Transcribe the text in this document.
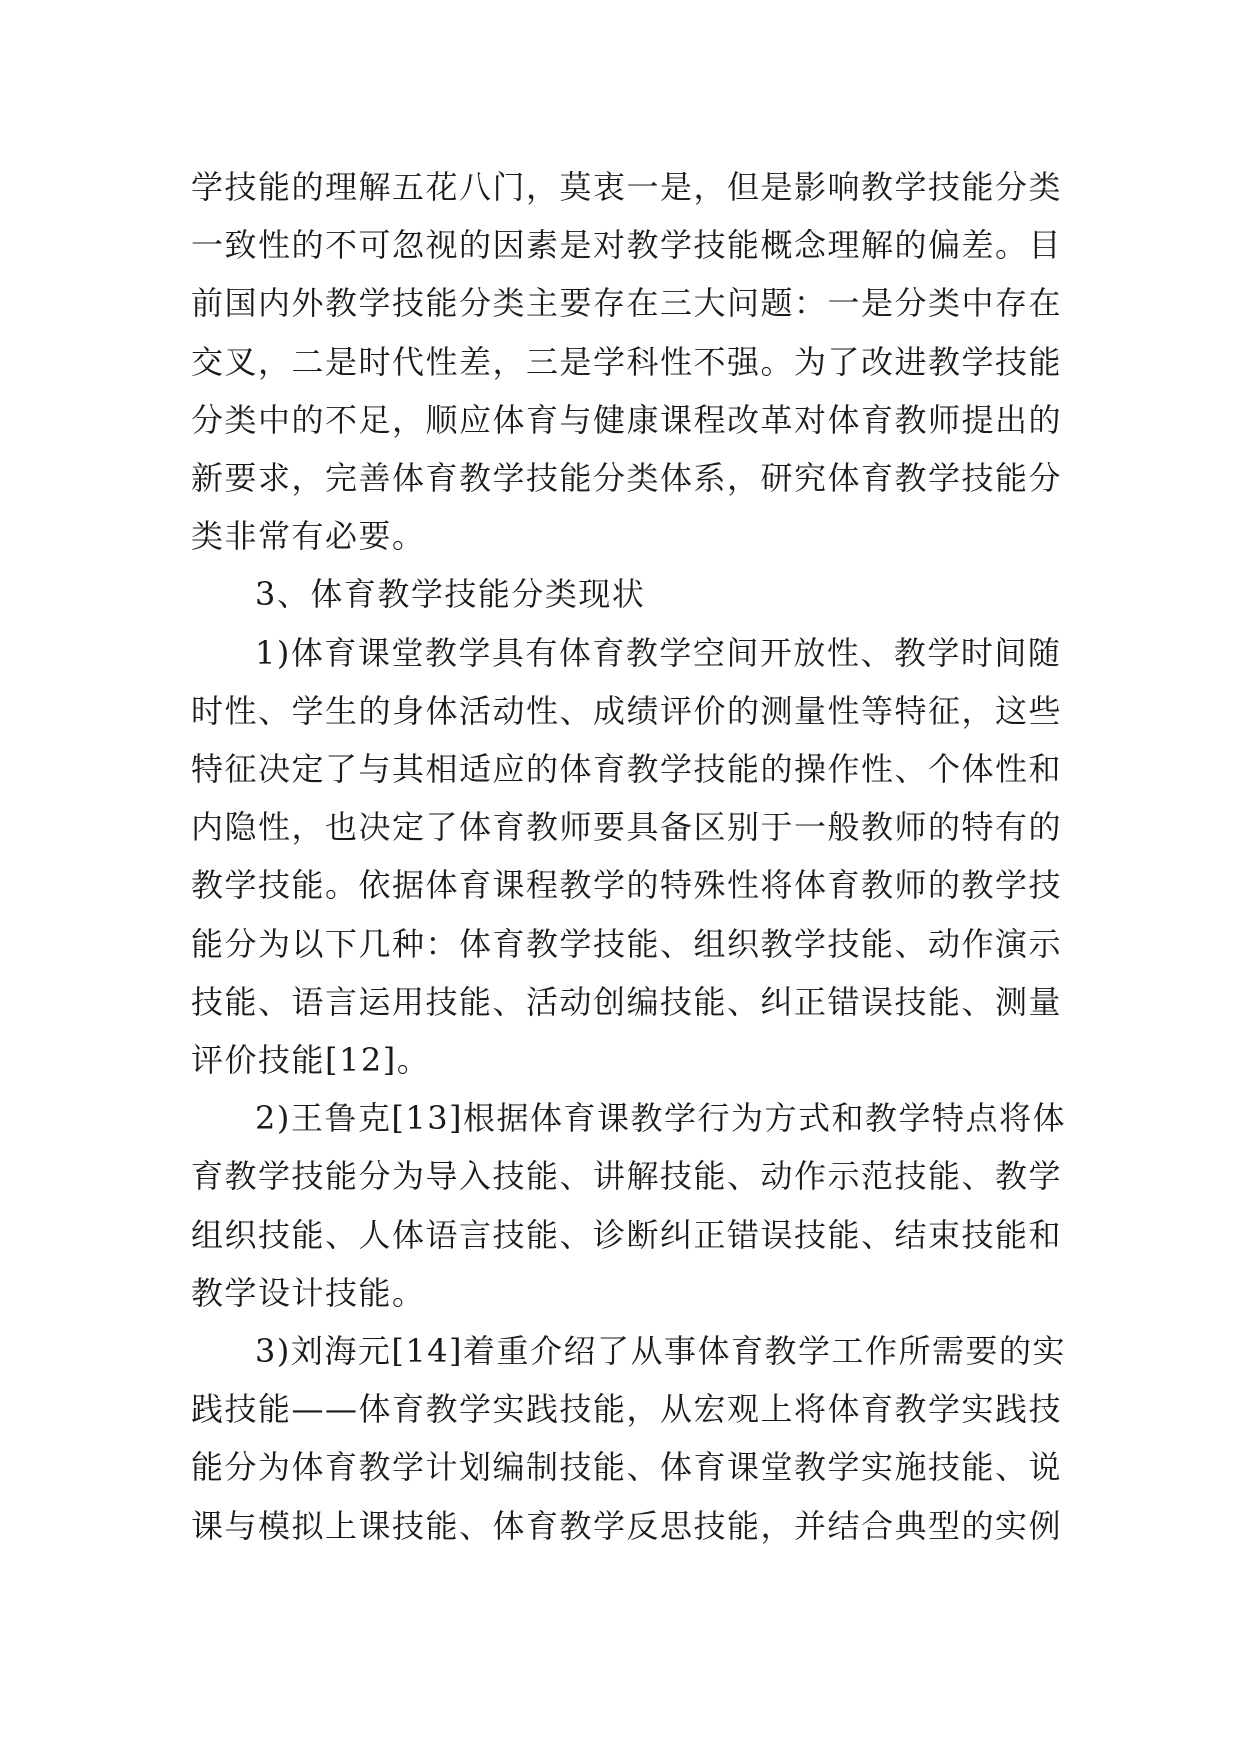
学技能的理解五花八门，莫衷一是，但是影响教学技能分类
一致性的不可忽视的因素是对教学技能概念理解的偏差。目
前国内外教学技能分类主要存在三大问题：一是分类中存在
交叉，二是时代性差，三是学科性不强。为了改进教学技能
分类中的不足，顺应体育与健康课程改革对体育教师提出的
新要求，完善体育教学技能分类体系，研究体育教学技能分
类非常有必要。
3、体育教学技能分类现状
1)体育课堂教学具有体育教学空间开放性、教学时间随
时性、学生的身体活动性、成绩评价的测量性等特征，这些
特征决定了与其相适应的体育教学技能的操作性、个体性和
内隐性，也决定了体育教师要具备区别于一般教师的特有的
教学技能。依据体育课程教学的特殊性将体育教师的教学技
能分为以下几种：体育教学技能、组织教学技能、动作演示
技能、语言运用技能、活动创编技能、纠正错误技能、测量
评价技能[12]。
2)王鲁克[13]根据体育课教学行为方式和教学特点将体
育教学技能分为导入技能、讲解技能、动作示范技能、教学
组织技能、人体语言技能、诊断纠正错误技能、结束技能和
教学设计技能。
3)刘海元[14]着重介绍了从事体育教学工作所需要的实
践技能——体育教学实践技能，从宏观上将体育教学实践技
能分为体育教学计划编制技能、体育课堂教学实施技能、说
课与模拟上课技能、体育教学反思技能，并结合典型的实例
